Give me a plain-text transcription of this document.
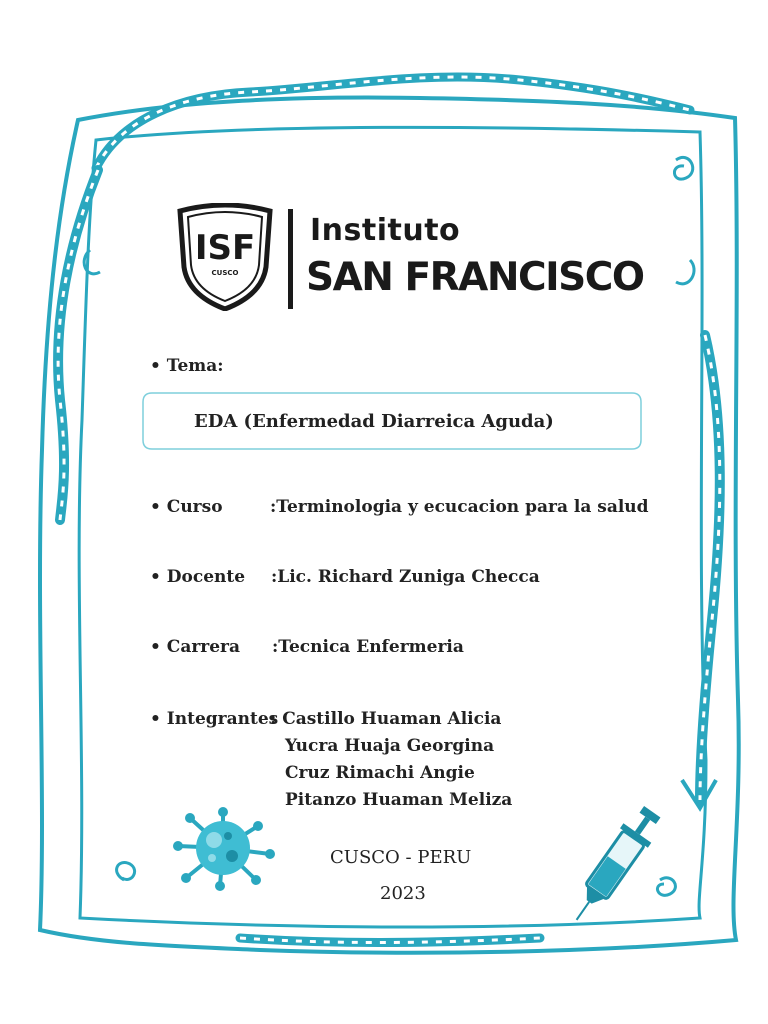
ISF
CUSCO
Instituto
SAN FRANCISCO
• Tema:
EDA (Enfermedad Diarreica Aguda)
• Curso	:Terminologia y ecucacion para la salud
• Docente :Lic. Richard Zuniga Checca
• Carrera :Tecnica Enfermeria
• Integrantes
: Castillo Huaman Alicia
Yucra Huaja Georgina
Cruz Rimachi Angie
Pitanzo Huaman Meliza
CUSCO - PERU
2023
